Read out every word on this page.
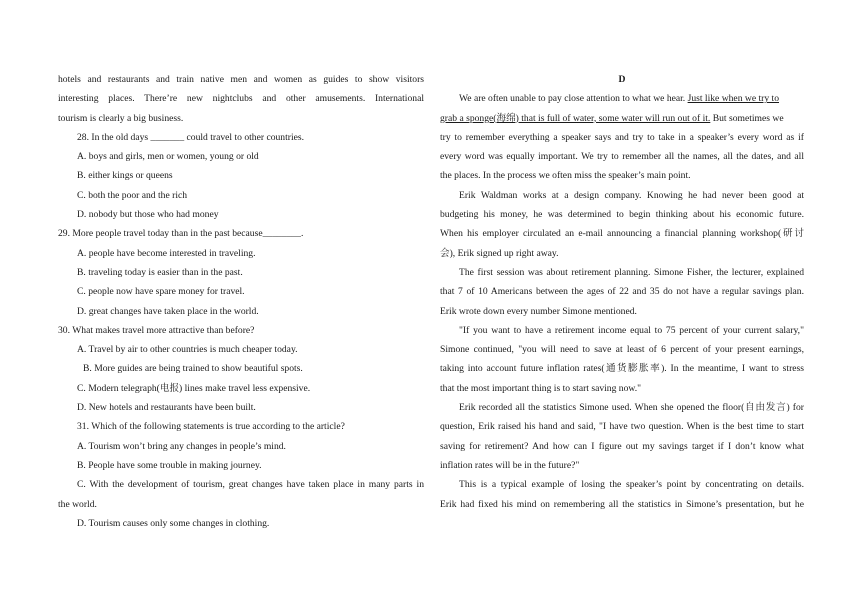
hotels and restaurants and train native men and women as guides to show visitors
interesting places. There’re new nightclubs and other amusements. International
tourism is clearly a big business.
28. In the old days _______ could travel to other countries.
A. boys and girls, men or women, young or old
B. either kings or queens
C. both the poor and the rich
D. nobody but those who had money
29. More people travel today than in the past because________.
A. people have become interested in traveling.
B. traveling today is easier than in the past.
C. people now have spare money for travel.
D. great changes have taken place in the world.
30. What makes travel more attractive than before?
A. Travel by air to other countries is much cheaper today.
B. More guides are being trained to show beautiful spots.
C. Modern telegraph(电报) lines make travel less expensive.
D. New hotels and restaurants have been built.
31. Which of the following statements is true according to the article?
A. Tourism won’t bring any changes in people’s mind.
B. People have some trouble in making journey.
C. With the development of tourism, great changes have taken place in many parts in
the world.
D. Tourism causes only some changes in clothing.
D
We are often unable to pay close attention to what we hear. Just like when we try to
grab a sponge(海绵) that is full of water, some water will run out of it. But sometimes we
try to remember everything a speaker says and try to take in a speaker’s every word as if
every word was equally important. We try to remember all the names, all the dates, and all
the places. In the process we often miss the speaker’s main point.
Erik Waldman works at a design company. Knowing he had never been good at
budgeting his money, he was determined to begin thinking about his economic future.
When his employer circulated an e-mail announcing a financial planning workshop(研讨
会), Erik signed up right away.
The first session was about retirement planning. Simone Fisher, the lecturer, explained
that 7 of 10 Americans between the ages of 22 and 35 do not have a regular savings plan.
Erik wrote down every number Simone mentioned.
"If you want to have a retirement income equal to 75 percent of your current salary,"
Simone continued, "you will need to save at least of 6 percent of your present earnings,
taking into account future inflation rates(通货膨胀率). In the meantime, I want to stress
that the most important thing is to start saving now."
Erik recorded all the statistics Simone used. When she opened the floor(自由发言) for
question, Erik raised his hand and said, "I have two question. When is the best time to start
saving for retirement? And how can I figure out my savings target if I don’t know what
inflation rates will be in the future?"
This is a typical example of losing the speaker’s point by concentrating on details.
Erik had fixed his mind on remembering all the statistics in Simone’s presentation, but he
